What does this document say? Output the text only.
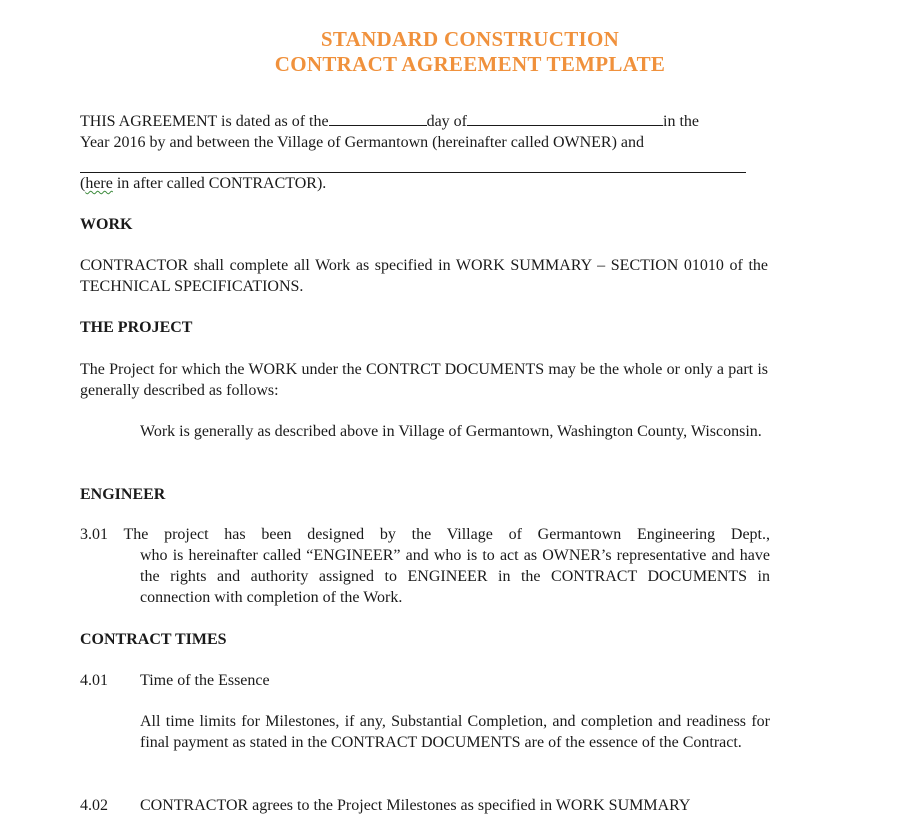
STANDARD CONSTRUCTION
CONTRACT AGREEMENT TEMPLATE
THIS AGREEMENT is dated as of the	day of	in the
Year 2016 by and between the Village of Germantown (hereinafter called OWNER) and
(here in after called CONTRACTOR).
WORK
CONTRACTOR shall complete all Work as specified in WORK SUMMARY – SECTION 01010 of the TECHNICAL SPECIFICATIONS.
THE PROJECT
The Project for which the WORK under the CONTRCT DOCUMENTS may be the whole or only a part is generally described as follows:
Work is generally as described above in Village of Germantown, Washington County, Wisconsin.
ENGINEER
3.01 The project has been designed by the Village of Germantown Engineering Dept.,
who is hereinafter called “ENGINEER” and who is to act as OWNER’s representative and have the rights and authority assigned to ENGINEER in the CONTRACT DOCUMENTS in connection with completion of the Work.
CONTRACT TIMES
4.01 Time of the Essence
All time limits for Milestones, if any, Substantial Completion, and completion and readiness for final payment as stated in the CONTRACT DOCUMENTS are of the essence of the Contract.
4.02 CONTRACTOR agrees to the Project Milestones as specified in WORK SUMMARY
